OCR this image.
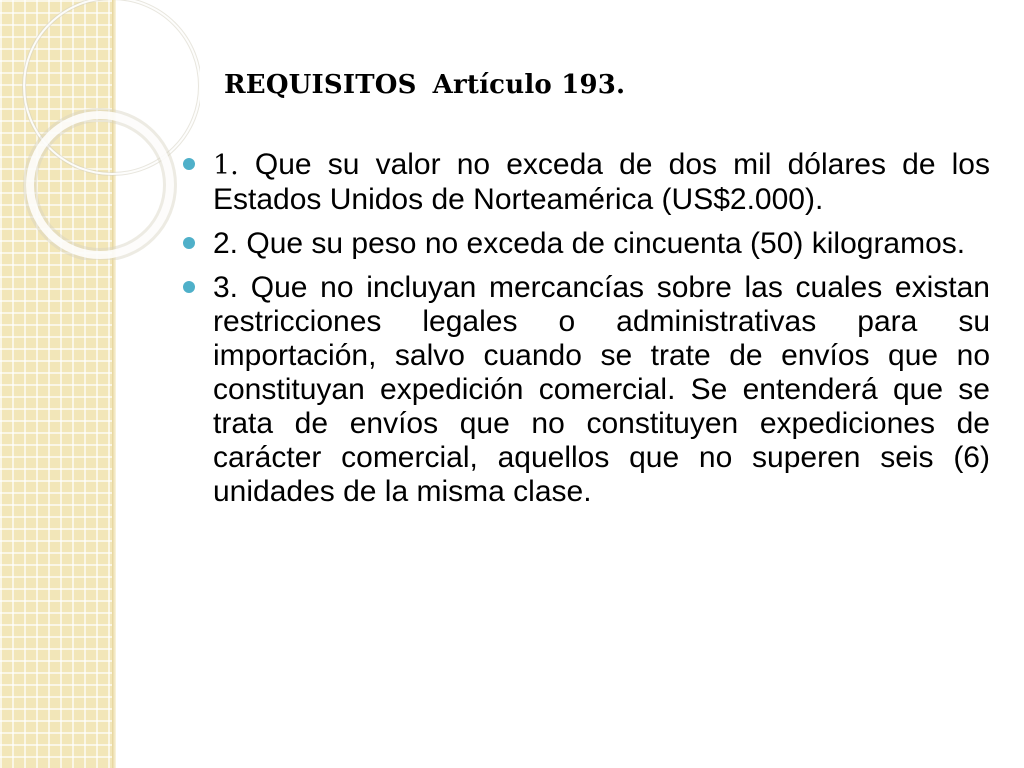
REQUISITOS Artículo 193.
1. Que su valor no exceda de dos mil dólares de los Estados Unidos de Norteamérica (US$2.000).
2. Que su peso no exceda de cincuenta (50) kilogramos.
3. Que no incluyan mercancías sobre las cuales existan restricciones legales o administrativas para su importación, salvo cuando se trate de envíos que no constituyan expedición comercial. Se entenderá que se trata de envíos que no constituyen expediciones de carácter comercial, aquellos que no superen seis (6) unidades de la misma clase.
